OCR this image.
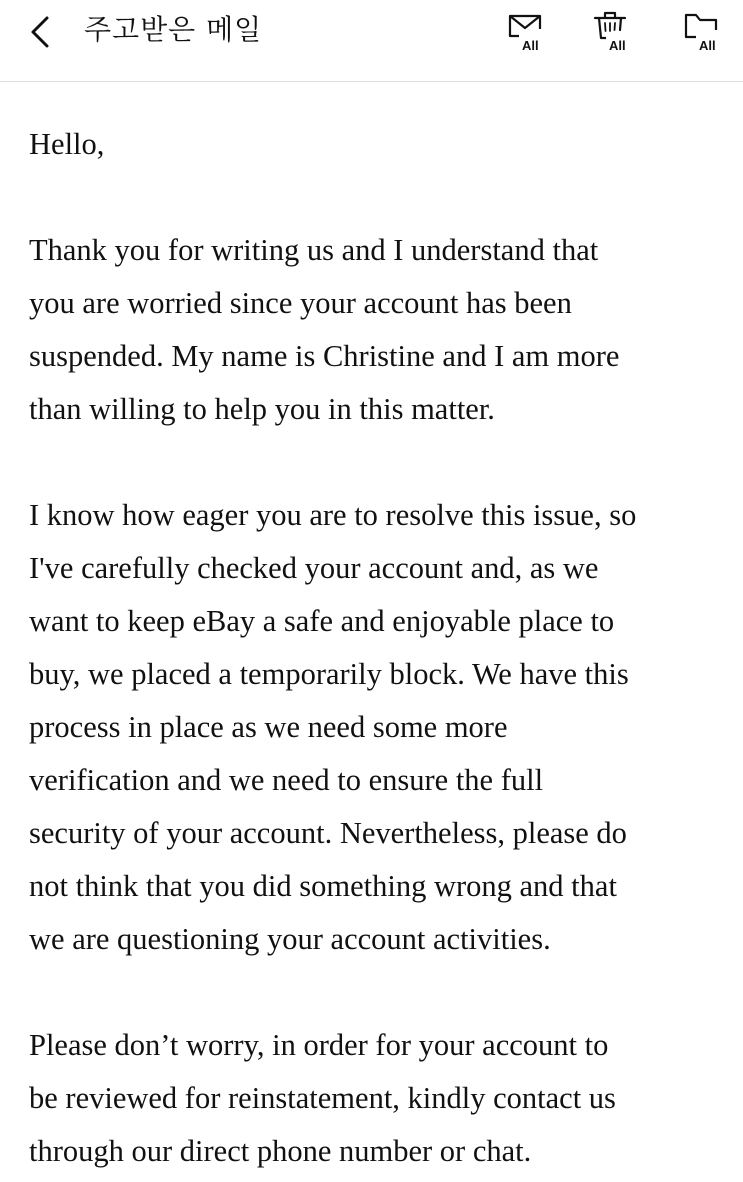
주고받은 메일	All	All	All

Hello,

Thank you for writing us and I understand that
you are worried since your account has been
suspended. My name is Christine and I am more
than willing to help you in this matter.

I know how eager you are to resolve this issue, so
I've carefully checked your account and, as we
want to keep eBay a safe and enjoyable place to
buy, we placed a temporarily block. We have this
process in place as we need some more
verification and we need to ensure the full
security of your account. Nevertheless, please do
not think that you did something wrong and that
we are questioning your account activities.

Please don’t worry, in order for your account to
be reviewed for reinstatement, kindly contact us
through our direct phone number or chat.
